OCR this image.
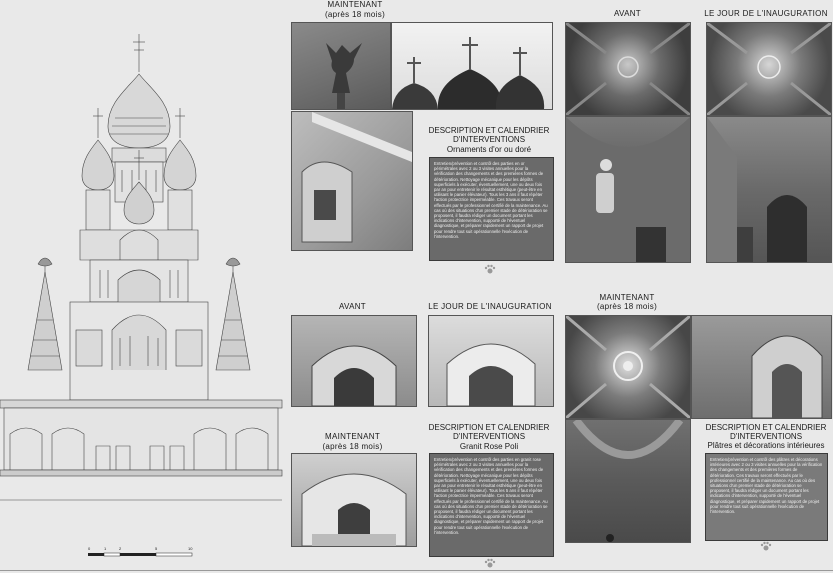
0	1	2	5	10
MAINTENANT
(après 18 mois)	AVANT	LE JOUR DE L'INAUGURATION
DESCRIPTION ET CALENDRIER
D'INTERVENTIONS
Ornaments d'or ou doré
Entretien/prévention et contrôl des parties en or périmétrales avec 2 ou 3 visites annuelles pour la vérification des changements et des premières formes de détérioration. Nettoyage mécanique pour les dépôts superficiels à exécuter, éventuellement, une ou deux fois par an pour entretenir le résultat esthétique (peut-être en utilisant le panier élévateur). Tous les 3 ans il faut répéter l'action protectrice imperméable. Ces travaux seront effectués par le professionnel certifié de la maintenance. Au cas où des situations d'un premier stade de détérioration se proposent, il faudra rédiger un document portant les indications d'intervention, supporté de l'éventuel diagnostique, et préparer rapidement un rapport de projet pour rendre tout suit opérationnelle l'exécution de l'intervention.
AVANT	LE JOUR DE L'INAUGURATION
MAINTENANT
(après 18 mois)
DESCRIPTION ET CALENDRIER
D'INTERVENTIONS
Granit Rose Poli
Entretien/prévention et contrôl des parties en granit rose périmétrales avec 2 ou 3 visites annuelles pour la vérification des changements et des premières formes de détérioration. Nettoyage mécanique pour les dépôts superficiels à exécuter, éventuellement, une ou deux fois par an pour entretenir le résultat esthétique (peut-être en utilisant le panier élévateur). Tous les 5 ans il faut répéter l'action protectrice imperméable. Ces travaux seront effectués par le professionnel certifié de la maintenance. Au cas où des situations d'un premier stade de détérioration se proposent, il faudra rédiger un document portant les indications d'intervention, supporté de l'éventuel diagnostique, et préparer rapidement un rapport de projet pour rendre tout suit opérationnelle l'exécution de l'intervention.
MAINTENANT
(après 18 mois)
DESCRIPTION ET CALENDRIER
D'INTERVENTIONS
Plâtres et décorations intérieures
Entretien/prévention et contrôl des plâtres et décorations intérieures avec 2 ou 3 visites annuelles pour la vérification des changements et des premières formes de détérioration. Ces travaux seront effectués par le professionnel certifié de la maintenance. Au cas où des situations d'un premier stade de détérioration se proposent, il faudra rédiger un document portant les indications d'intervention, supporté de l'éventuel diagnostique, et préparer rapidement un rapport de projet pour rendre tout suit opérationnelle l'exécution de l'intervention.
